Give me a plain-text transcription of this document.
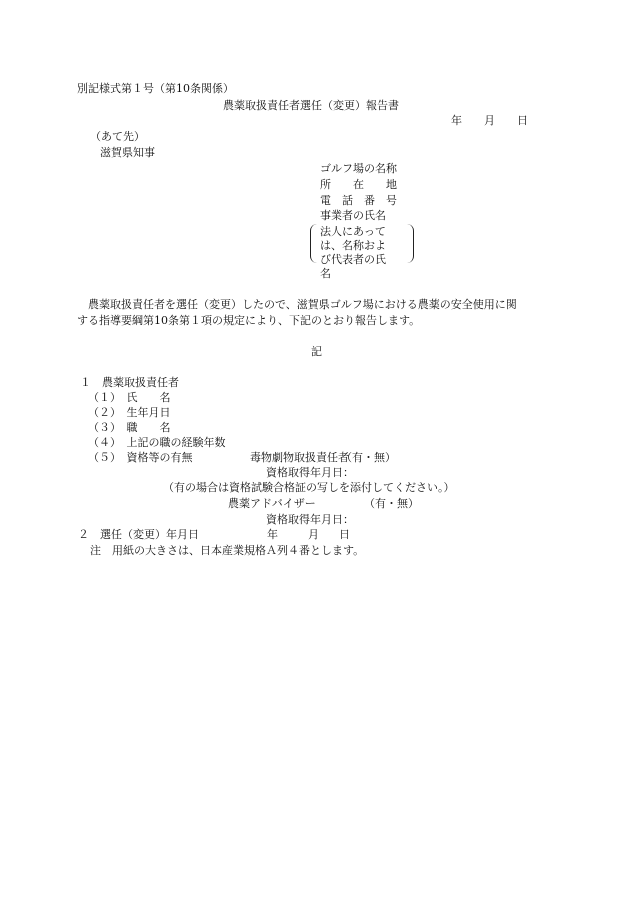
別記様式第１号（第10条関係）
農薬取扱責任者選任（変更）報告書
年 月 日
（あて先）
滋賀県知事
ゴルフ場の名称
所　　在　　地
電　話　番　号
事業者の氏名
法人にあって
は、名称およ
び代表者の氏
名
農薬取扱責任者を選任（変更）したので、滋賀県ゴルフ場における農薬の安全使用に関
する指導要綱第10条第１項の規定により、下記のとおり報告します。
記
１　農薬取扱責任者
（１）　氏　　名
（２）　生年月日
（３）　職　　名
（４）　上記の職の経験年数
（５）　資格等の有無	毒物劇物取扱責任者
（有・無）
資格取得年月日：
（有の場合は資格試験合格証の写しを添付してください。）
農薬アドバイザー	（有・無）
資格取得年月日：
２　選任（変更）年月日	年	月 日
注　用紙の大きさは、日本産業規格Ａ列４番とします。
